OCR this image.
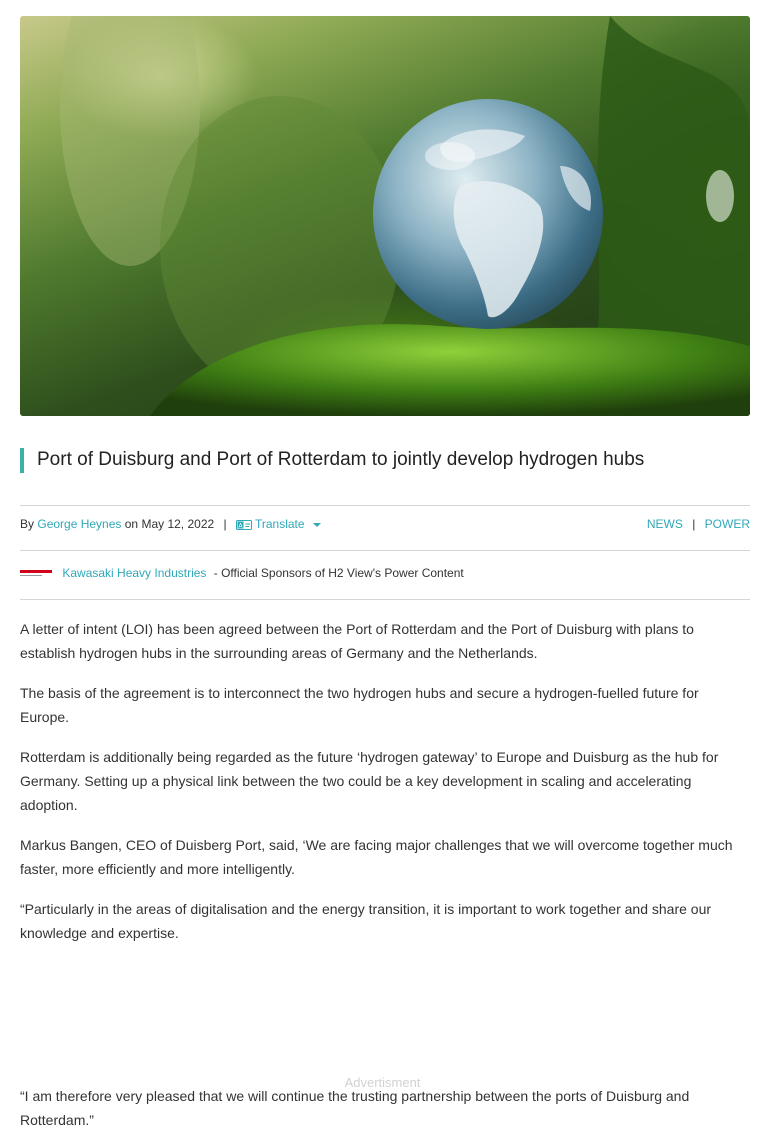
Port of Duisburg and Port of Rotterdam to jointly develop hydrogen hubs
By George Heynes on May 12, 2022 | A Translate	NEWS | POWER
Kawasaki Heavy Industries - Official Sponsors of H2 View's Power Content

A letter of intent (LOI) has been agreed between the Port of Rotterdam and the Port of Duisburg with plans to establish hydrogen hubs in the surrounding areas of Germany and the Netherlands.

The basis of the agreement is to interconnect the two hydrogen hubs and secure a hydrogen-fuelled future for Europe.

Rotterdam is additionally being regarded as the future ‘hydrogen gateway’ to Europe and Duisburg as the hub for Germany. Setting up a physical link between the two could be a key development in scaling and accelerating adoption.

Markus Bangen, CEO of Duisberg Port, said, ‘We are facing major challenges that we will overcome together much faster, more efficiently and more intelligently.

“Particularly in the areas of digitalisation and the energy transition, it is important to work together and share our knowledge and expertise.

Advertisment

“I am therefore very pleased that we will continue the trusting partnership between the ports of Duisburg and Rotterdam.”
